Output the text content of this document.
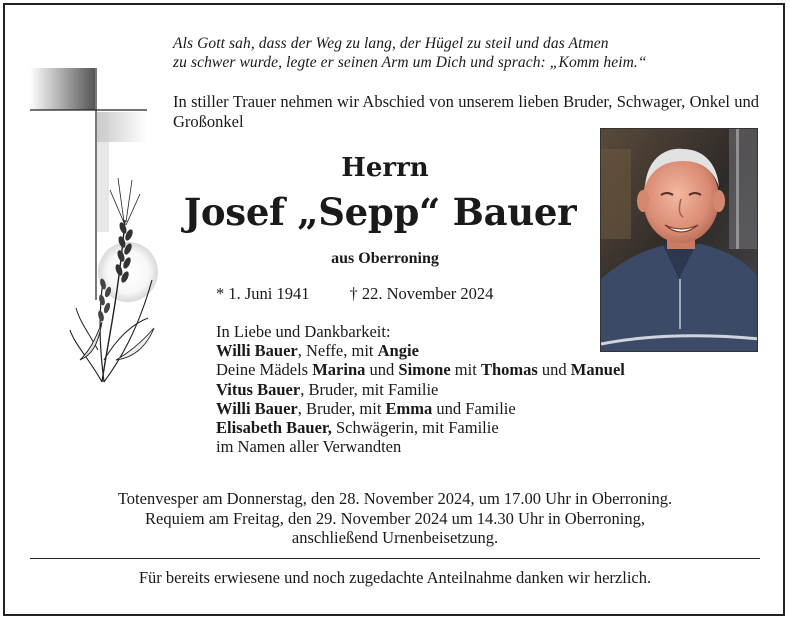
Als Gott sah, dass der Weg zu lang, der Hügel zu steil und das Atmen
zu schwer wurde, legte er seinen Arm um Dich und sprach: „Komm heim.“
In stiller Trauer nehmen wir Abschied von unserem lieben Bruder, Schwager, Onkel und Großonkel
Herrn
Josef „Sepp“ Bauer
aus Oberroning
* 1. Juni 1941 † 22. November 2024
In Liebe und Dankbarkeit:
Willi Bauer, Neffe, mit Angie
Deine Mädels Marina und Simone mit Thomas und Manuel
Vitus Bauer, Bruder, mit Familie
Willi Bauer, Bruder, mit Emma und Familie
Elisabeth Bauer, Schwägerin, mit Familie
im Namen aller Verwandten
Totenvesper am Donnerstag, den 28. November 2024, um 17.00 Uhr in Oberroning.
Requiem am Freitag, den 29. November 2024 um 14.30 Uhr in Oberroning,
anschließend Urnenbeisetzung.
Für bereits erwiesene und noch zugedachte Anteilnahme danken wir herzlich.
